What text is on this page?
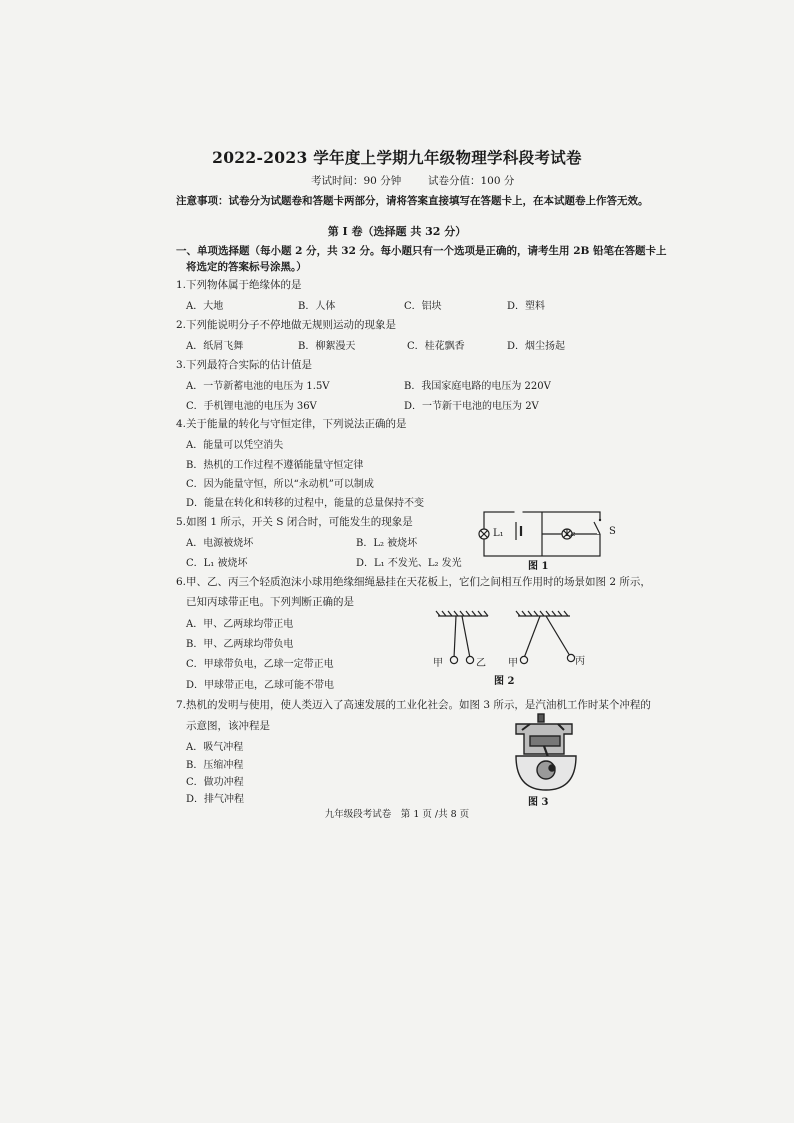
2022-2023 学年度上学期九年级物理学科段考试卷
考试时间：90 分钟	试卷分值：100 分
注意事项：试卷分为试题卷和答题卡两部分，请将答案直接填写在答题卡上，在本试题卷上作答无效。
第 I 卷（选择题 共 32 分）
一、单项选择题（每小题 2 分，共 32 分。每小题只有一个选项是正确的，请考生用 2B 铅笔在答题卡上
将选定的答案标号涂黑。）
1.下列物体属于绝缘体的是
A．大地	B．人体	C．铝块	D．塑料
2.下列能说明分子不停地做无规则运动的现象是
A．纸屑飞舞	B．柳絮漫天	C．桂花飘香	D．烟尘扬起
3.下列最符合实际的估计值是
A．一节新蓄电池的电压为 1.5V	B．我国家庭电路的电压为 220V
C．手机锂电池的电压为 36V	D．一节新干电池的电压为 2V
4.关于能量的转化与守恒定律，下列说法正确的是
A．能量可以凭空消失
B．热机的工作过程不遵循能量守恒定律
C．因为能量守恒，所以“永动机”可以制成
D．能量在转化和转移的过程中，能量的总量保持不变
5.如图 1 所示，开关 S 闭合时，可能发生的现象是
A．电源被烧坏	B．L₂ 被烧坏
C．L₁ 被烧坏	D．L₁ 不发光、L₂ 发光
L₁	L₂	S
图 1
6.甲、乙、丙三个轻质泡沫小球用绝缘细绳悬挂在天花板上，它们之间相互作用时的场景如图 2 所示，
已知丙球带正电。下列判断正确的是
A．甲、乙两球均带正电
B．甲、乙两球均带负电
C．甲球带负电，乙球一定带正电
D．甲球带正电，乙球可能不带电
甲	乙 甲	丙
图 2
7.热机的发明与使用，使人类迈入了高速发展的工业化社会。如图 3 所示，是汽油机工作时某个冲程的
示意图，该冲程是
A．吸气冲程
B．压缩冲程
C．做功冲程
D．排气冲程	图 3
九年级段考试卷　第 1 页 /共 8 页
